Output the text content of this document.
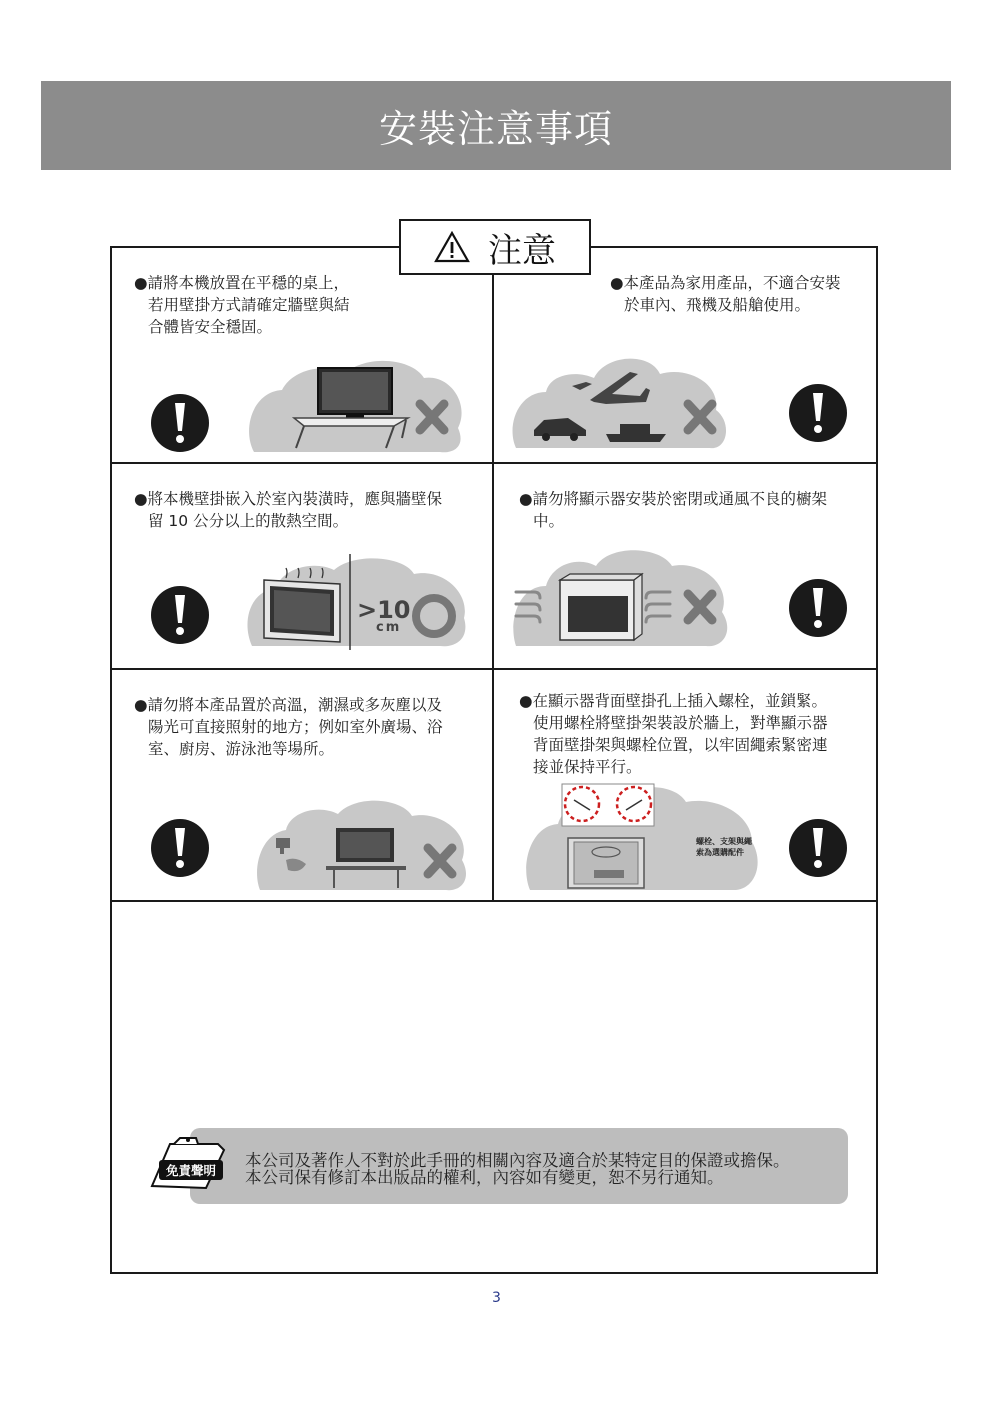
安裝注意事項
注意
●請將本機放置在平穩的桌上，
若用壁掛方式請確定牆壁與結
合體皆安全穩固。
●本產品為家用產品，不適合安裝
於車內、飛機及船艙使用。
●將本機壁掛嵌入於室內裝潢時，應與牆壁保
留 10 公分以上的散熱空間。
●請勿將顯示器安裝於密閉或通風不良的櫥架
中。
●請勿將本產品置於高溫，潮濕或多灰塵以及
陽光可直接照射的地方；例如室外廣場、浴
室、廚房、游泳池等場所。
●在顯示器背面壁掛孔上插入螺栓，並鎖緊。
使用螺栓將壁掛架裝設於牆上，對準顯示器
背面壁掛架與螺栓位置，以牢固繩索緊密連
接並保持平行。
>10
cm
螺栓、支架與繩
索為選購配件
免責聲明
本公司及著作人不對於此手冊的相關內容及適合於某特定目的保證或擔保。
本公司保有修訂本出版品的權利，內容如有變更，恕不另行通知。
3
